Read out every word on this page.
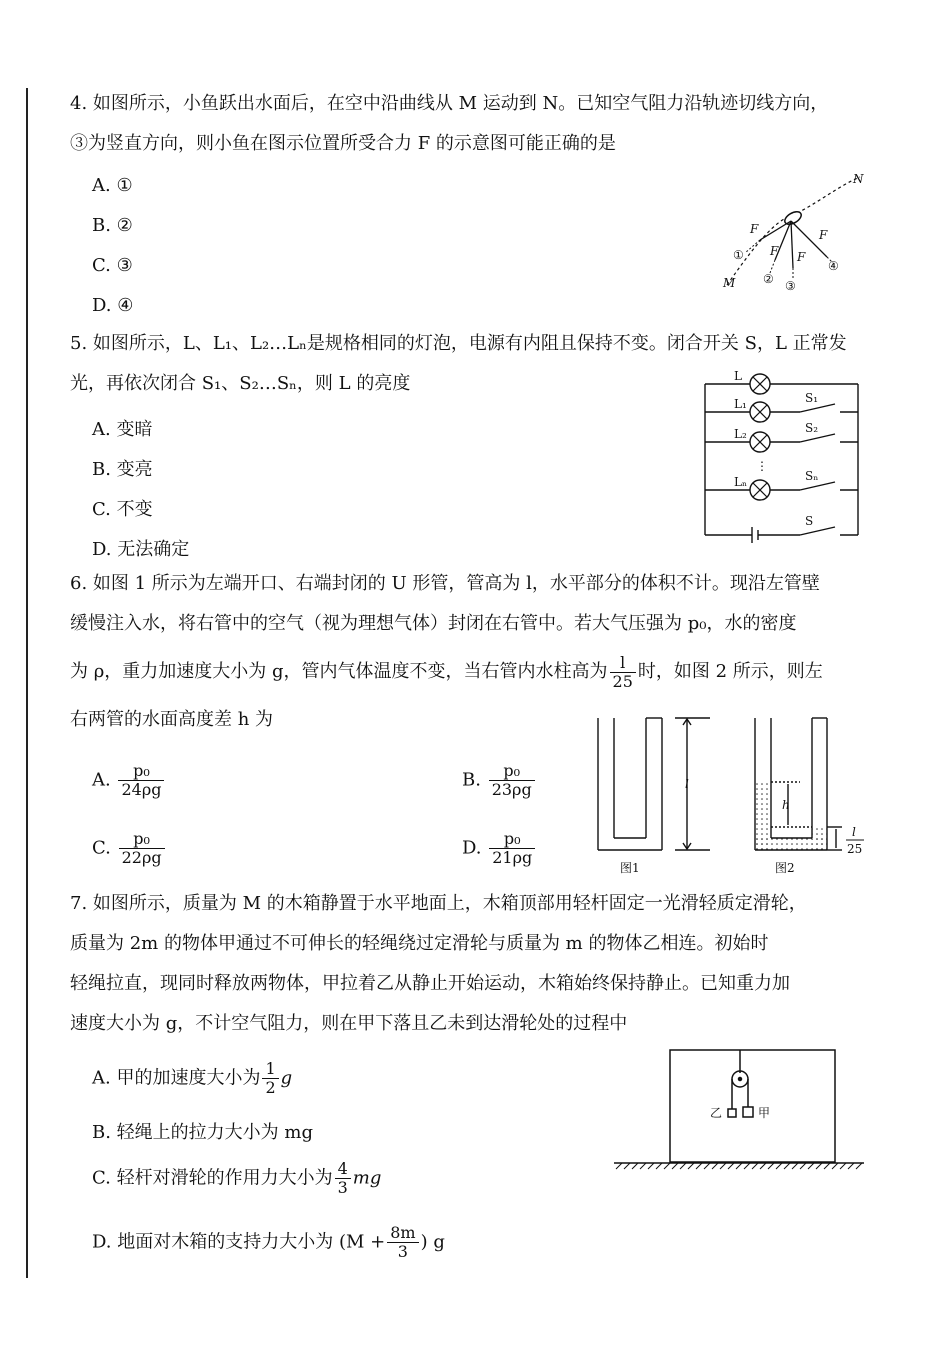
4. 如图所示，小鱼跃出水面后，在空中沿曲线从 M 运动到 N。已知空气阻力沿轨迹切线方向，
③为竖直方向，则小鱼在图示位置所受合力 F 的示意图可能正确的是
A. ①
B. ②
C. ③
D. ④
N
M
F
F F
F
①
② ③
④
5. 如图所示，L、L₁、L₂…Lₙ是规格相同的灯泡，电源有内阻且保持不变。闭合开关 S，L 正常发
光，再依次闭合 S₁、S₂…Sₙ，则 L 的亮度
A. 变暗
B. 变亮
C. 不变
D. 无法确定
L
L₁
L₂
Lₙ
S₁
S₂
Sₙ
S
⋮
6. 如图 1 所示为左端开口、右端封闭的 U 形管，管高为 l，水平部分的体积不计。现沿左管壁
缓慢注入水，将右管中的空气（视为理想气体）封闭在右管中。若大气压强为 p₀，水的密度
为 ρ，重力加速度大小为 g，管内气体温度不变，当右管内水柱高为 $\frac{l}{25}$ 时，如图 2 所示，则左
右两管的水面高度差 h 为
A. $\frac{\text{p₀}}{24\rho g}$	B. $\frac{\text{p₀}}{23\rho g}$
C. $\frac{\text{p₀}}{22\rho g}$	D. $\frac{\text{p₀}}{21\rho g}$
l
图1
h
l
25
图2
7. 如图所示，质量为 M 的木箱静置于水平地面上，木箱顶部用轻杆固定一光滑轻质定滑轮，
质量为 2m 的物体甲通过不可伸长的轻绳绕过定滑轮与质量为 m 的物体乙相连。初始时
轻绳拉直，现同时释放两物体，甲拉着乙从静止开始运动，木箱始终保持静止。已知重力加
速度大小为 g，不计空气阻力，则在甲下落且乙未到达滑轮处的过程中
A. 甲的加速度大小为 $\frac{1}{2}$ g
B. 轻绳上的拉力大小为 mg
C. 轻杆对滑轮的作用力大小为 $\frac{4}{3}$ mg
D. 地面对木箱的支持力大小为 ($M + \frac{8m}{3}$ ) g
乙	甲
